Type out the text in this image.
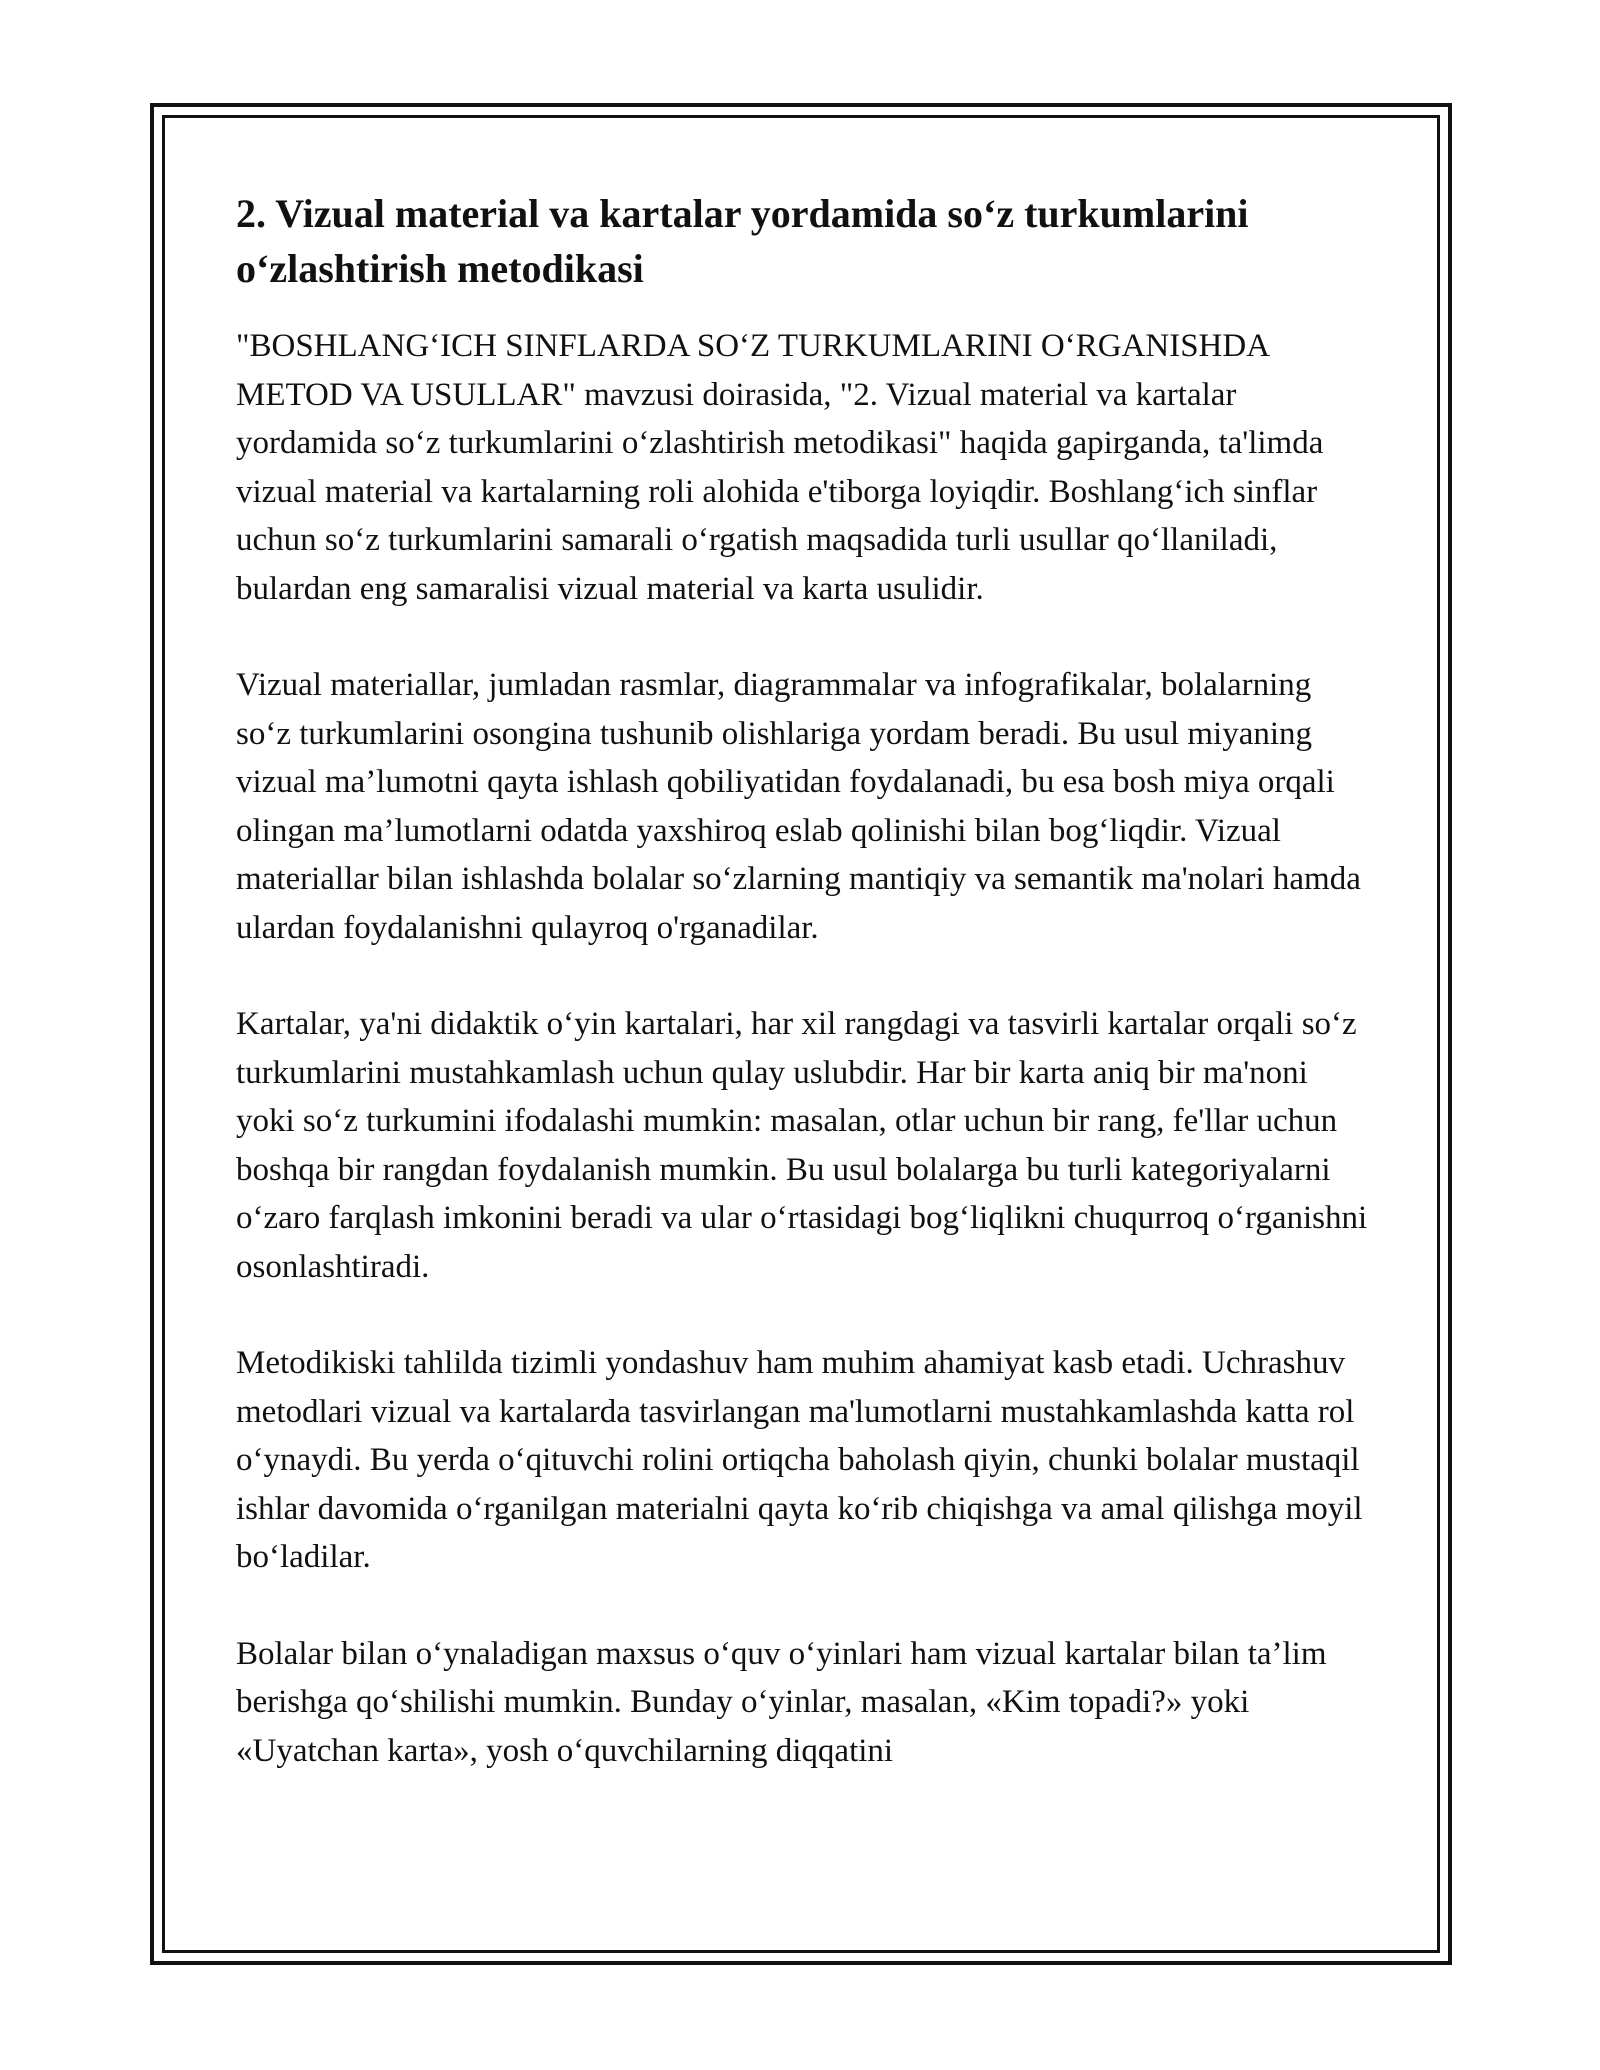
2. Vizual material va kartalar yordamida so‘z turkumlarini o‘zlashtirish metodikasi

"BOSHLANG‘ICH SINFLARDA SO‘Z TURKUMLARINI O‘RGANISHDA METOD VA USULLAR" mavzusi doirasida, "2. Vizual material va kartalar yordamida so‘z turkumlarini o‘zlashtirish metodikasi" haqida gapirganda, ta'limda vizual material va kartalarning roli alohida e'tiborga loyiqdir. Boshlang‘ich sinflar uchun so‘z turkumlarini samarali o‘rgatish maqsadida turli usullar qo‘llaniladi, bulardan eng samaralisi vizual material va karta usulidir.

Vizual materiallar, jumladan rasmlar, diagrammalar va infografikalar, bolalarning so‘z turkumlarini osongina tushunib olishlariga yordam beradi. Bu usul miyaning vizual ma’lumotni qayta ishlash qobiliyatidan foydalanadi, bu esa bosh miya orqali olingan ma’lumotlarni odatda yaxshiroq eslab qolinishi bilan bog‘liqdir. Vizual materiallar bilan ishlashda bolalar so‘zlarning mantiqiy va semantik ma'nolari hamda ulardan foydalanishni qulayroq o'rganadilar.

Kartalar, ya'ni didaktik o‘yin kartalari, har xil rangdagi va tasvirli kartalar orqali so‘z turkumlarini mustahkamlash uchun qulay uslubdir. Har bir karta aniq bir ma'noni yoki so‘z turkumini ifodalashi mumkin: masalan, otlar uchun bir rang, fe'llar uchun boshqa bir rangdan foydalanish mumkin. Bu usul bolalarga bu turli kategoriyalarni o‘zaro farqlash imkonini beradi va ular o‘rtasidagi bog‘liqlikni chuqurroq o‘rganishni osonlashtiradi.

Metodikiski tahlilda tizimli yondashuv ham muhim ahamiyat kasb etadi. Uchrashuv metodlari vizual va kartalarda tasvirlangan ma'lumotlarni mustahkamlashda katta rol o‘ynaydi. Bu yerda o‘qituvchi rolini ortiqcha baholash qiyin, chunki bolalar mustaqil ishlar davomida o‘rganilgan materialni qayta ko‘rib chiqishga va amal qilishga moyil bo‘ladilar.

Bolalar bilan o‘ynaladigan maxsus o‘quv o‘yinlari ham vizual kartalar bilan ta’lim berishga qo‘shilishi mumkin. Bunday o‘yinlar, masalan, «Kim topadi?» yoki «Uyatchan karta», yosh o‘quvchilarning diqqatini
